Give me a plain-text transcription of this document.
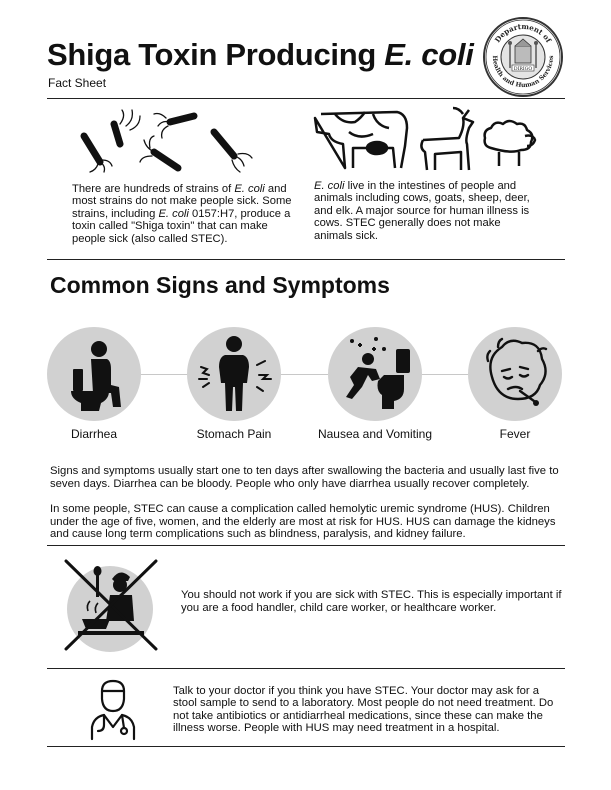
Shiga Toxin Producing E. coli
Fact Sheet
Department of
Health and Human Services
DIRIGO
There are hundreds of strains of E. coli and most strains do not make people sick. Some strains, including E. coli 0157:H7, produce a toxin called "Shiga toxin" that can make people sick (also called STEC).
E. coli live in the intestines of people and animals including cows, goats, sheep, deer, and elk. A major source for human illness is cows. STEC generally does not make animals sick.
Common Signs and Symptoms
Diarrhea	Stomach Pain	Nausea and Vomiting	Fever
Signs and symptoms usually start one to ten days after swallowing the bacteria and usually last five to seven days. Diarrhea can be bloody. People who only have diarrhea usually recover completely.
In some people, STEC can cause a complication called hemolytic uremic syndrome (HUS). Children under the age of five, women, and the elderly are most at risk for HUS. HUS can damage the kidneys and cause long term complications such as blindness, paralysis, and kidney failure.
You should not work if you are sick with STEC. This is especially important if you are a food handler, child care worker, or healthcare worker.
Talk to your doctor if you think you have STEC. Your doctor may ask for a stool sample to send to a laboratory. Most people do not need treatment. Do not take antibiotics or antidiarrheal medications, since these can make the illness worse. People with HUS may need treatment in a hospital.
